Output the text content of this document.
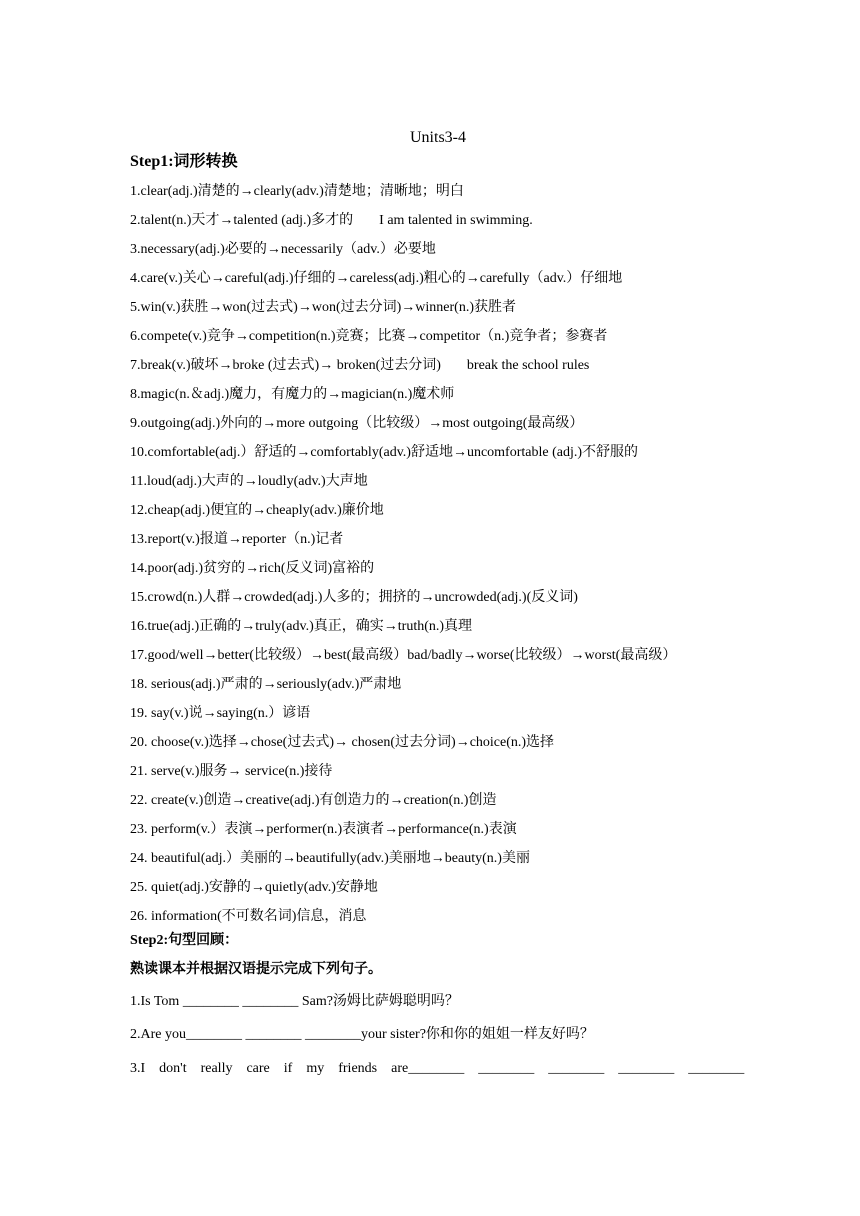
Units3-4
Step1:词形转换
1.clear(adj.)清楚的→clearly(adv.)清楚地；清晰地；明白
2.talent(n.)天才→talented (adj.)多才的 I am talented in swimming.
3.necessary(adj.)必要的→necessarily（adv.）必要地
4.care(v.)关心→careful(adj.)仔细的→careless(adj.)粗心的→carefully（adv.）仔细地
5.win(v.)获胜→won(过去式)→won(过去分词)→winner(n.)获胜者
6.compete(v.)竞争→competition(n.)竞赛；比赛→competitor（n.)竞争者；参赛者
7.break(v.)破坏→broke (过去式)→ broken(过去分词) break the school rules
8.magic(n.＆adj.)魔力，有魔力的→magician(n.)魔术师
9.outgoing(adj.)外向的→more outgoing（比较级）→most outgoing(最高级）
10.comfortable(adj.）舒适的→comfortably(adv.)舒适地→uncomfortable (adj.)不舒服的
11.loud(adj.)大声的→loudly(adv.)大声地
12.cheap(adj.)便宜的→cheaply(adv.)廉价地
13.report(v.)报道→reporter（n.)记者
14.poor(adj.)贫穷的→rich(反义词)富裕的
15.crowd(n.)人群→crowded(adj.)人多的；拥挤的→uncrowded(adj.)(反义词)
16.true(adj.)正确的→truly(adv.)真正，确实→truth(n.)真理
17.good/well→better(比较级）→best(最高级）bad/badly→worse(比较级）→worst(最高级）
18. serious(adj.)严肃的→seriously(adv.)严肃地
19. say(v.)说→saying(n.）谚语
20. choose(v.)选择→chose(过去式)→ chosen(过去分词)→choice(n.)选择
21. serve(v.)服务→ service(n.)接待
22. create(v.)创造→creative(adj.)有创造力的→creation(n.)创造
23. perform(v.）表演→performer(n.)表演者→performance(n.)表演
24. beautiful(adj.）美丽的→beautifully(adv.)美丽地→beauty(n.)美丽
25. quiet(adj.)安静的→quietly(adv.)安静地
26. information(不可数名词)信息，消息
Step2:句型回顾：
熟读课本并根据汉语提示完成下列句子。
1.Is Tom ________ ________ Sam?汤姆比萨姆聪明吗？
2.Are you________ ________ ________your sister?你和你的姐姐一样友好吗？
3.I don't really care if my friends are________ ________ ________ ________ ________
